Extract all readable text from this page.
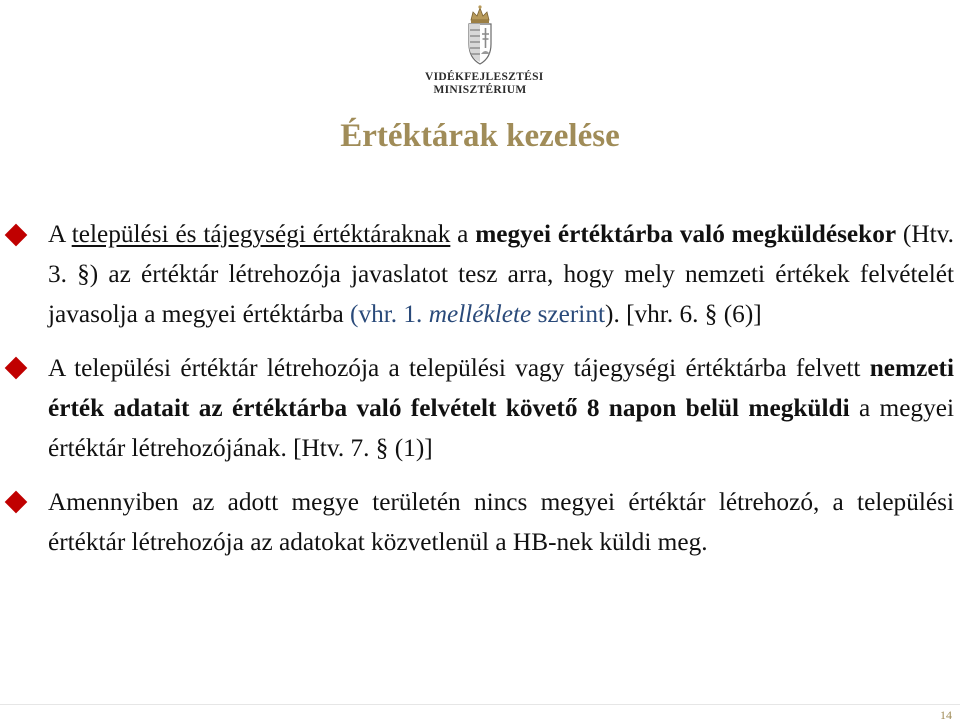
VIDÉKFEJLESZTÉSI
MINISZTÉRIUM
Értéktárak kezelése
A települési és tájegységi értéktáraknak a megyei értéktárba való megküldésekor (Htv. 3. §) az értéktár létrehozója javaslatot tesz arra, hogy mely nemzeti értékek felvételét javasolja a megyei értéktárba (vhr. 1. melléklete szerint). [vhr. 6. § (6)]
A települési értéktár létrehozója a települési vagy tájegységi értéktárba felvett nemzeti érték adatait az értéktárba való felvételt követő 8 napon belül megküldi a megyei értéktár létrehozójának. [Htv. 7. § (1)]
Amennyiben az adott megye területén nincs megyei értéktár létrehozó, a települési értéktár létrehozója az adatokat közvetlenül a HB-nek küldi meg.
14
